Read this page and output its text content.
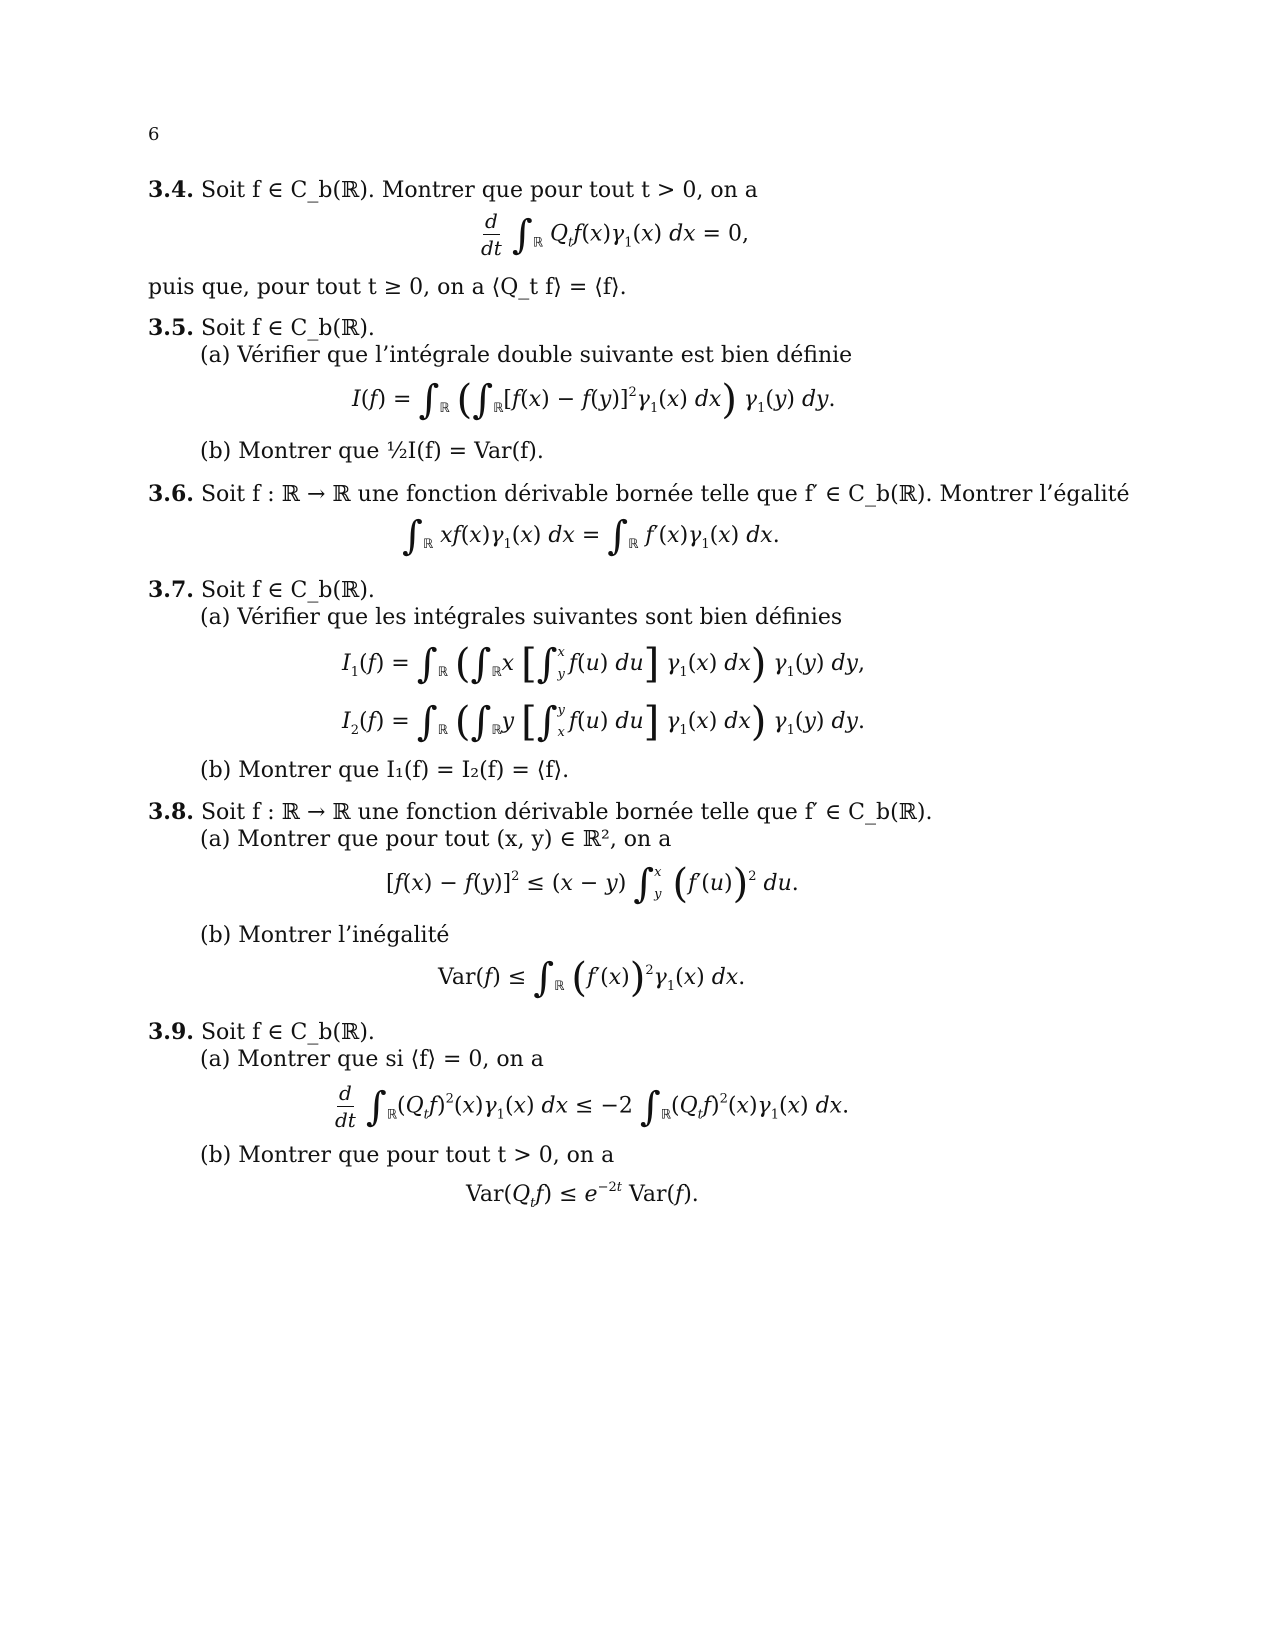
6
3.4. Soit f ∈ C_b(ℝ). Montrer que pour tout t > 0, on a
$\frac{d}{dt} \int_ℝ$ $Q_tf(x)\gamma_1(x)$ dx = 0,
puis que, pour tout t ≥ 0, on a ⟨Q_t f⟩ = ⟨f⟩.
3.5. Soit f ∈ C_b(ℝ).
(a) Vérifier que l’intégrale double suivante est bien définie
$I(f) = \int_ℝ$ ($\int_ℝ[f(x) - f(y)]^2\gamma_1(x)$ dx) $\gamma_1(y)$ dy.
(b) Montrer que ½I(f) = Var(f).
3.6. Soit f : ℝ → ℝ une fonction dérivable bornée telle que f′ ∈ C_b(ℝ). Montrer l’égalité
$\int_ℝ$ $xf(x)\gamma_1(x)$ dx = $\int_ℝ$ $f'(x)\gamma_1(x)$ dx.
3.7. Soit f ∈ C_b(ℝ).
(a) Vérifier que les intégrales suivantes sont bien définies
$I_1(f) = \int_ℝ$ ($\int_ℝx$ [∫ x
y f(u) du] $\gamma_1(x)$ dx) $\gamma_1(y)$ dy,
$I_2(f) = \int_ℝ$ ($\int_ℝy$ [∫ y
x f(u) du] $\gamma_1(x)$ dx) $\gamma_1(y)$ dy.
(b) Montrer que I₁(f) = I₂(f) = ⟨f⟩.
3.8. Soit f : ℝ → ℝ une fonction dérivable bornée telle que f′ ∈ C_b(ℝ).
(a) Montrer que pour tout (x, y) ∈ ℝ², on a
$[f(x) - f(y)]^2 \le (x - y)$ ∫ x
y $(f'(u))^2$ du.
(b) Montrer l’inégalité
$Var(f) \le \int_ℝ$ $(f'(x))^2\gamma_1(x)$ dx.
3.9. Soit f ∈ C_b(ℝ).
(a) Montrer que si ⟨f⟩ = 0, on a
$\frac{d}{dt} \int_ℝ(Q_tf)^2(x)\gamma_1(x)$ dx ≤ −2 $\int_ℝ(Q_tf)^2(x)\gamma_1(x)$ dx.
(b) Montrer que pour tout t > 0, on a
$Var(Q_tf) \le e^{-2t}$ Var(f).
